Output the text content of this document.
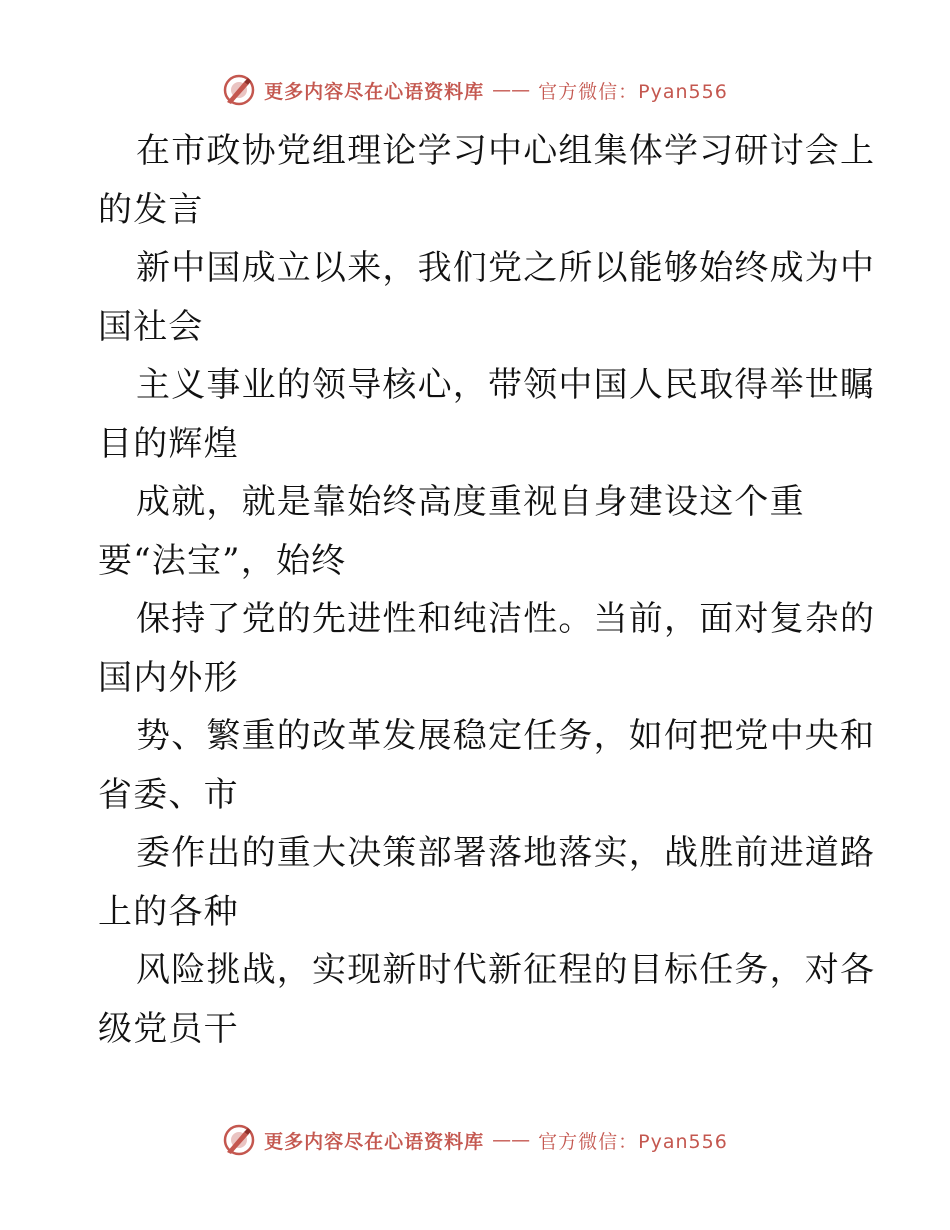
更多内容尽在心语资料库 —— 官方微信：Pyan556
在市政协党组理论学习中心组集体学习研讨会上
的发言
新中国成立以来，我们党之所以能够始终成为中
国社会
主义事业的领导核心，带领中国人民取得举世瞩
目的辉煌
成就，就是靠始终高度重视自身建设这个重
要“法宝”，始终
保持了党的先进性和纯洁性。当前，面对复杂的
国内外形
势、繁重的改革发展稳定任务，如何把党中央和
省委、市
委作出的重大决策部署落地落实，战胜前进道路
上的各种
风险挑战，实现新时代新征程的目标任务，对各
级党员干
更多内容尽在心语资料库 —— 官方微信：Pyan556
